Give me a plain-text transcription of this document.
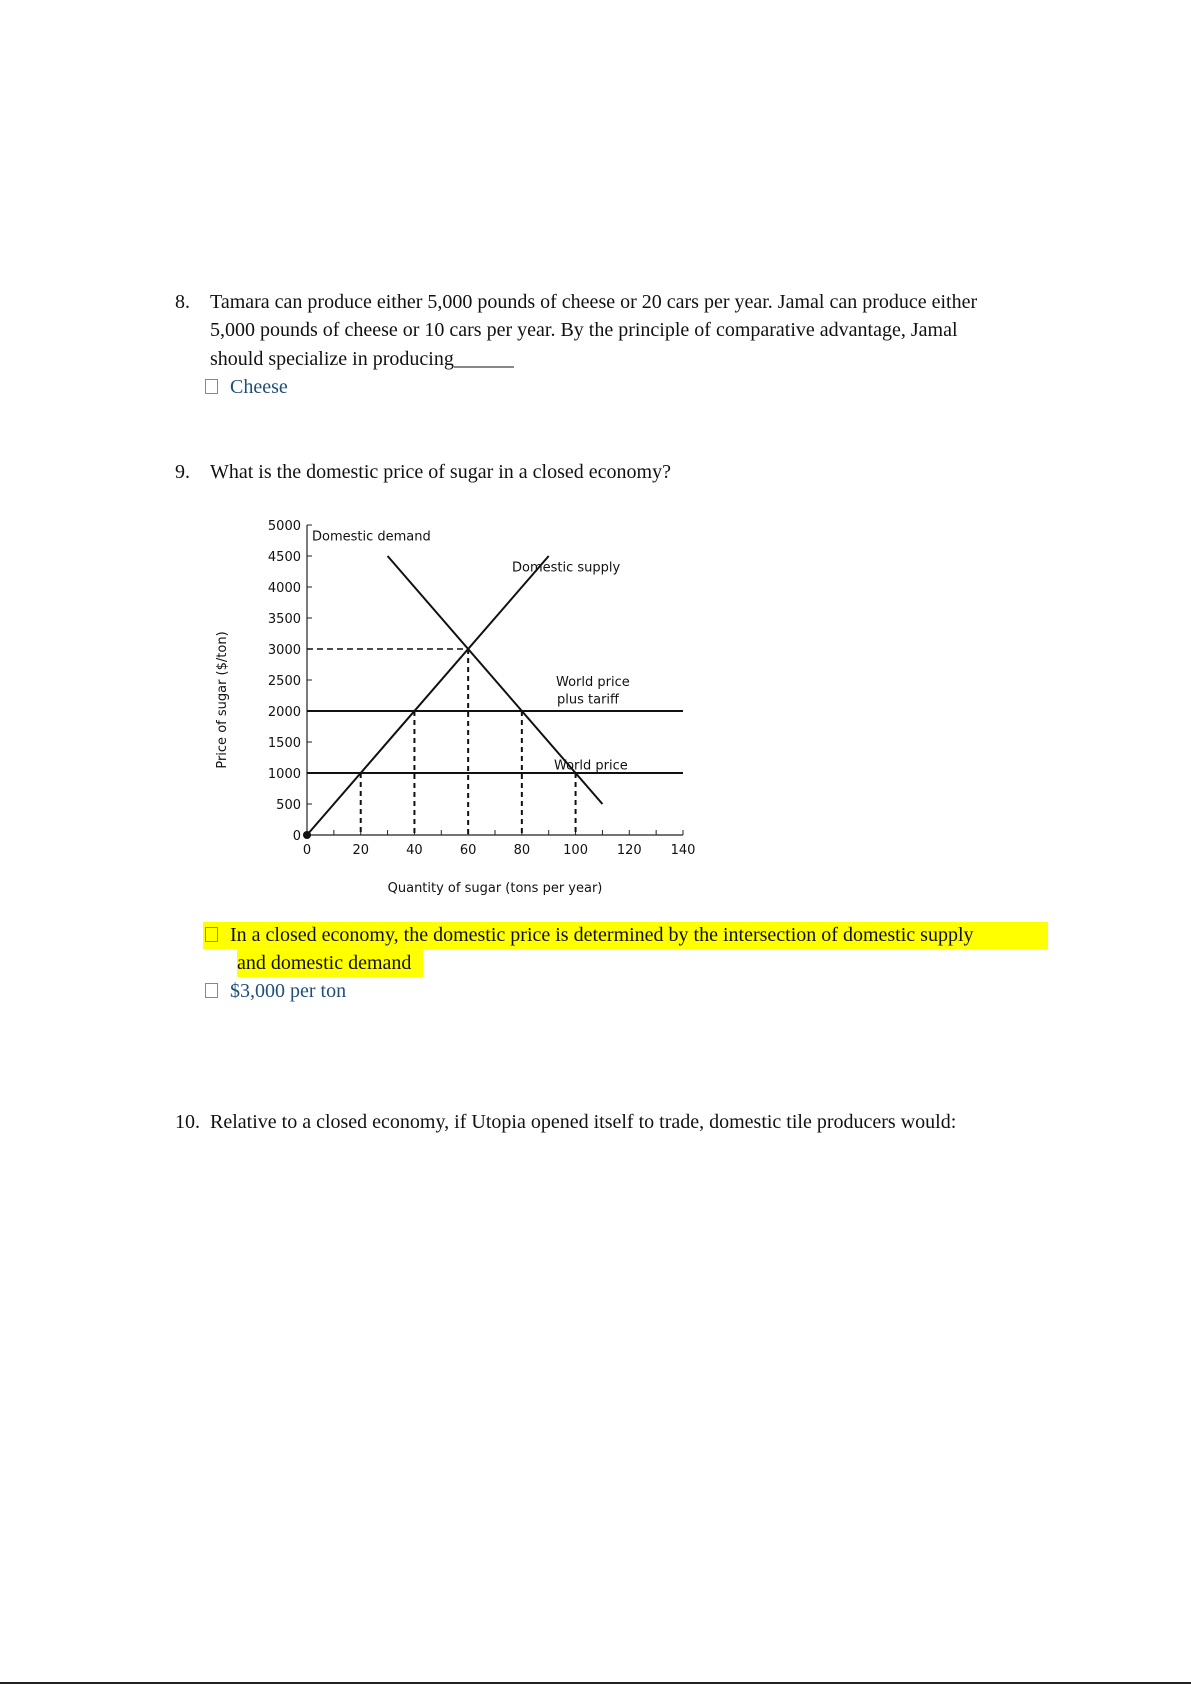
8. Tamara can produce either 5,000 pounds of cheese or 20 cars per year. Jamal can produce either
5,000 pounds of cheese or 10 cars per year. By the principle of comparative advantage, Jamal
should specialize in producing______
Cheese
9. What is the domestic price of sugar in a closed economy?
0
500
1000
1500
2000
2500
3000
3500
4000
4500
5000
0	20	40	60	80	100 120 140
Domestic demand
Domestic supply
World price
plus tariff
World price
Quantity of sugar (tons per year)
Price of sugar ($/ton)
In a closed economy, the domestic price is determined by the intersection of domestic supply
and domestic demand
$3,000 per ton
10. Relative to a closed economy, if Utopia opened itself to trade, domestic tile producers would:
